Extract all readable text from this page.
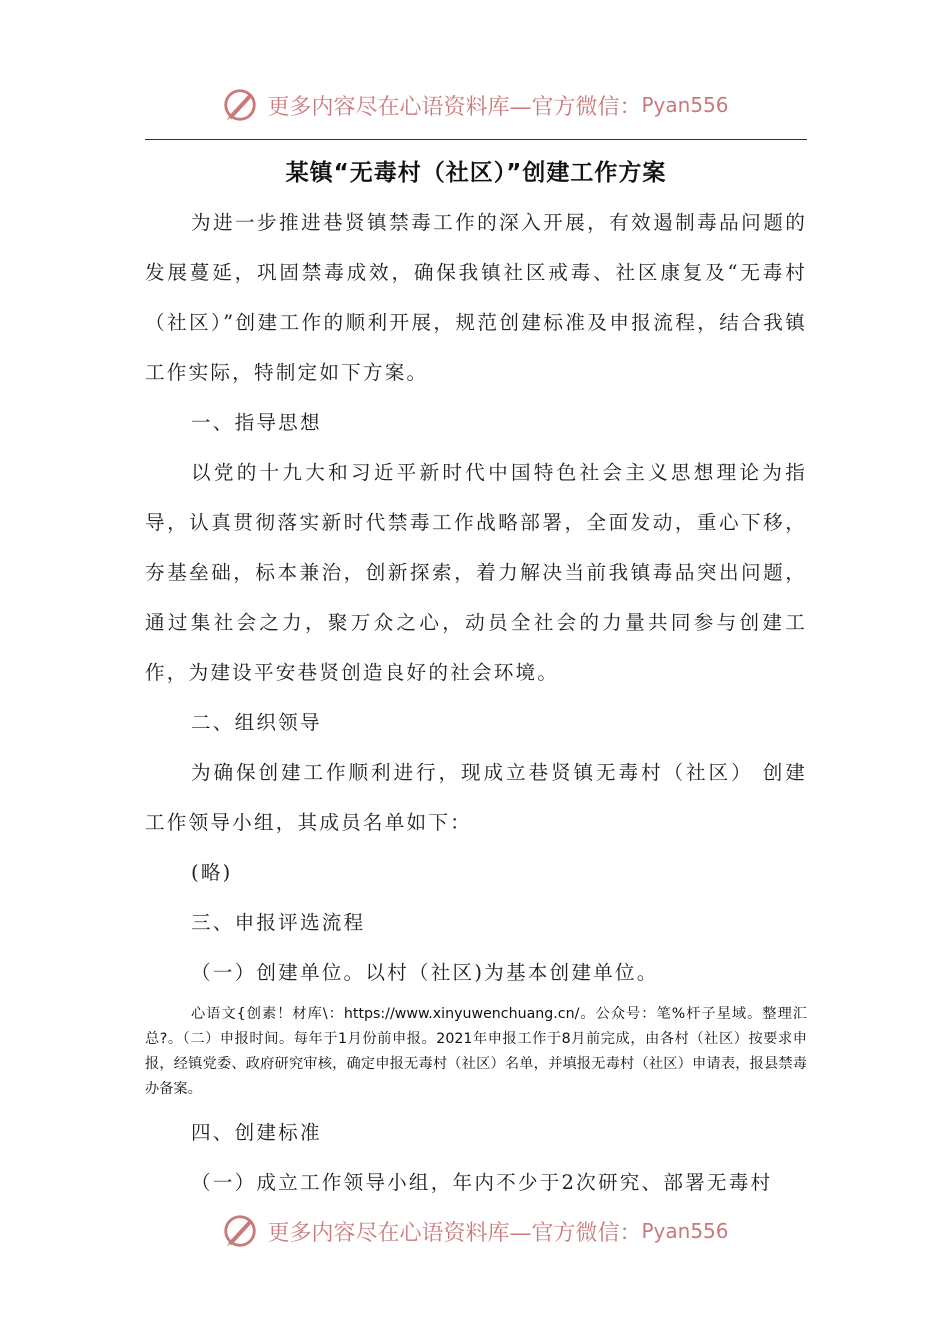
更多内容尽在心语资料库—官方微信： Pyan556
某镇“无毒村（社区）”创建工作方案

为进一步推进巷贤镇禁毒工作的深入开展，有效遏制毒品问题的发展蔓延，巩固禁毒成效，确保我镇社区戒毒、社区康复及“无毒村（社区）”创建工作的顺利开展，规范创建标准及申报流程，结合我镇工作实际，特制定如下方案。

一、指导思想

以党的十九大和习近平新时代中国特色社会主义思想理论为指导，认真贯彻落实新时代禁毒工作战略部署，全面发动，重心下移，夯基垒础，标本兼治，创新探索，着力解决当前我镇毒品突出问题，通过集社会之力，聚万众之心，动员全社会的力量共同参与创建工作，为建设平安巷贤创造良好的社会环境。

二、组织领导

为确保创建工作顺利进行，现成立巷贤镇无毒村（社区） 创建工作领导小组，其成员名单如下：

(略)

三、申报评选流程

（一）创建单位。以村（社区)为基本创建单位。

心语文{创素！材库\：https://www.xinyuwenchuang.cn/。公众号：笔%杆子星域。整理汇总?。（二）申报时间。每年于1月份前申报。2021年申报工作于8月前完成，由各村（社区）按要求申报，经镇党委、政府研究审核，确定申报无毒村（社区）名单，并填报无毒村（社区）申请表，报县禁毒办备案。

四、创建标准

（一）成立工作领导小组，年内不少于2次研究、部署无毒村

更多内容尽在心语资料库—官方微信： Pyan556
